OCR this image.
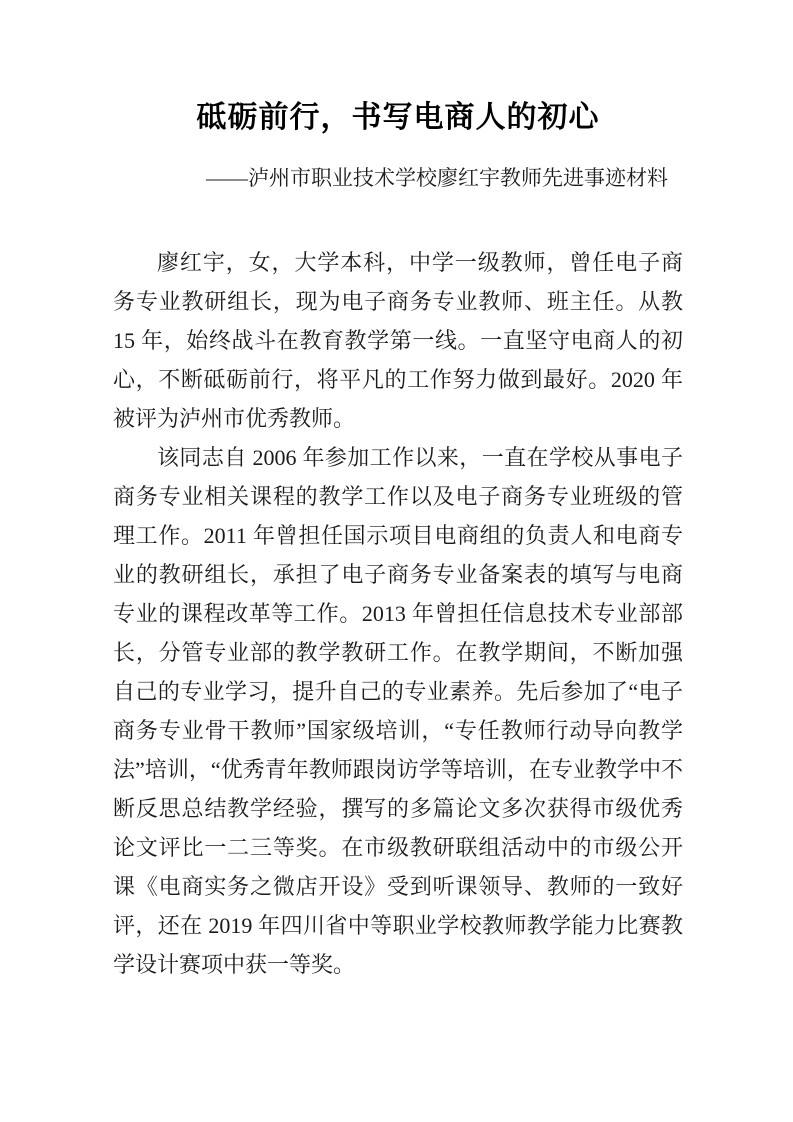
砥砺前行，书写电商人的初心
——泸州市职业技术学校廖红宇教师先进事迹材料

廖红宇，女，大学本科，中学一级教师，曾任电子商务专业教研组长，现为电子商务专业教师、班主任。从教 15 年，始终战斗在教育教学第一线。一直坚守电商人的初心，不断砥砺前行，将平凡的工作努力做到最好。2020 年被评为泸州市优秀教师。

该同志自 2006 年参加工作以来，一直在学校从事电子商务专业相关课程的教学工作以及电子商务专业班级的管理工作。2011 年曾担任国示项目电商组的负责人和电商专业的教研组长，承担了电子商务专业备案表的填写与电商专业的课程改革等工作。2013 年曾担任信息技术专业部部长，分管专业部的教学教研工作。在教学期间，不断加强自己的专业学习，提升自己的专业素养。先后参加了“电子商务专业骨干教师”国家级培训，“专任教师行动导向教学法”培训，“优秀青年教师跟岗访学等培训，在专业教学中不断反思总结教学经验，撰写的多篇论文多次获得市级优秀论文评比一二三等奖。在市级教研联组活动中的市级公开课《电商实务之微店开设》受到听课领导、教师的一致好评，还在 2019 年四川省中等职业学校教师教学能力比赛教学设计赛项中获一等奖。
